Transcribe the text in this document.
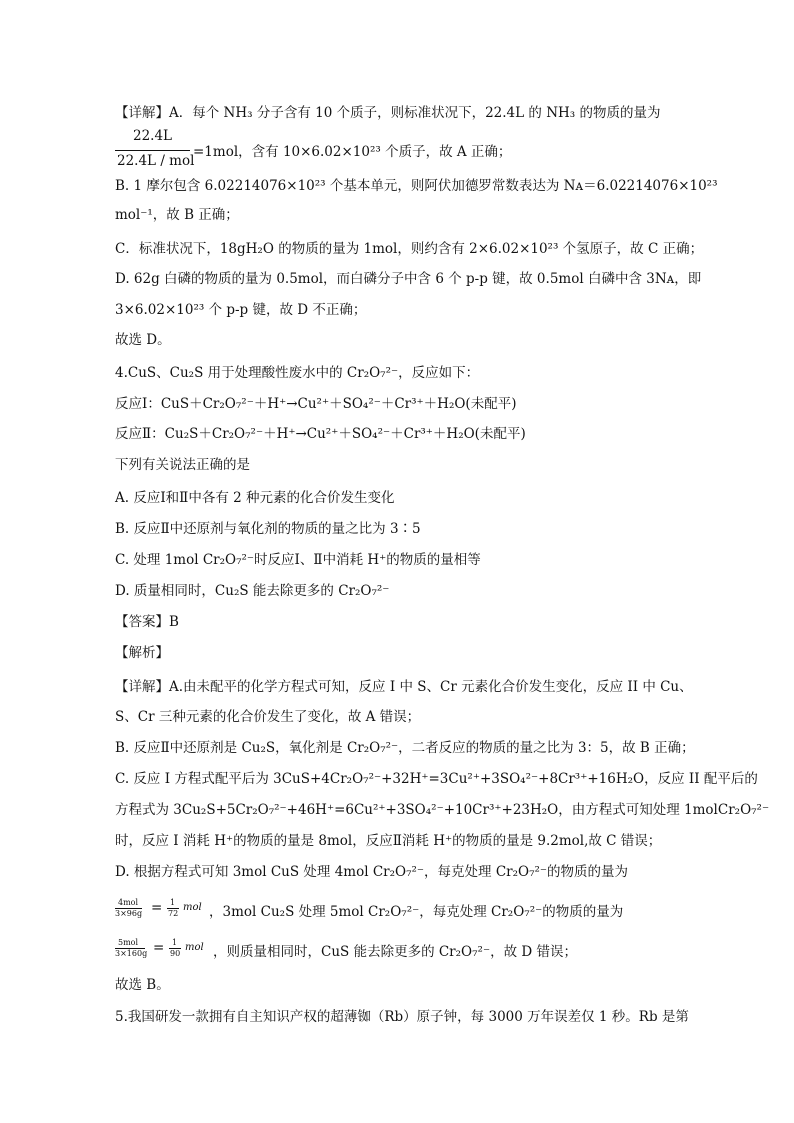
【详解】A．每个 NH₃ 分子含有 10 个质子，则标准状况下，22.4L 的 NH₃ 的物质的量为
22.4L
22.4L / mol
=1mol，含有 10×6.02×10²³ 个质子，故 A 正确；
B. 1 摩尔包含 6.02214076×10²³ 个基本单元，则阿伏加德罗常数表达为 Nᴀ＝6.02214076×10²³
mol⁻¹，故 B 正确；
C．标准状况下，18gH₂O 的物质的量为 1mol，则约含有 2×6.02×10²³ 个氢原子，故 C 正确；
D. 62g 白磷的物质的量为 0.5mol，而白磷分子中含 6 个 p-p 键，故 0.5mol 白磷中含 3Nᴀ，即
3×6.02×10²³ 个 p-p 键，故 D 不正确；
故选 D。
4.CuS、Cu₂S 用于处理酸性废水中的 Cr₂O₇²⁻，反应如下：
反应Ⅰ：CuS＋Cr₂O₇²⁻＋H⁺→Cu²⁺＋SO₄²⁻＋Cr³⁺＋H₂O(未配平)
反应Ⅱ：Cu₂S＋Cr₂O₇²⁻＋H⁺→Cu²⁺＋SO₄²⁻＋Cr³⁺＋H₂O(未配平)
下列有关说法正确的是
A. 反应Ⅰ和Ⅱ中各有 2 种元素的化合价发生变化
B. 反应Ⅱ中还原剂与氧化剂的物质的量之比为 3∶5
C. 处理 1mol Cr₂O₇²⁻时反应Ⅰ、Ⅱ中消耗 H⁺的物质的量相等
D. 质量相同时，Cu₂S 能去除更多的 Cr₂O₇²⁻
【答案】B
【解析】
【详解】A.由未配平的化学方程式可知，反应 I 中 S、Cr 元素化合价发生变化，反应 II 中 Cu、
S、Cr 三种元素的化合价发生了变化，故 A 错误；
B. 反应Ⅱ中还原剂是 Cu₂S，氧化剂是 Cr₂O₇²⁻，二者反应的物质的量之比为 3：5，故 B 正确；
C. 反应 I 方程式配平后为 3CuS+4Cr₂O₇²⁻+32H⁺=3Cu²⁺+3SO₄²⁻+8Cr³⁺+16H₂O，反应 II 配平后的
方程式为 3Cu₂S+5Cr₂O₇²⁻+46H⁺=6Cu²⁺+3SO₄²⁻+10Cr³⁺+23H₂O，由方程式可知处理 1molCr₂O₇²⁻
时，反应 I 消耗 H⁺的物质的量是 8mol，反应Ⅱ消耗 H⁺的物质的量是 9.2mol,故 C 错误；
D. 根据方程式可知 3mol CuS 处理 4mol Cr₂O₇²⁻，每克处理 Cr₂O₇²⁻的物质的量为
4mol
3×96g = 1
72
mol ，3mol Cu₂S 处理 5mol Cr₂O₇²⁻，每克处理 Cr₂O₇²⁻的物质的量为
5mol
3×160g = 1
90
mol ，则质量相同时，CuS 能去除更多的 Cr₂O₇²⁻，故 D 错误；
故选 B。
5.我国研发一款拥有自主知识产权的超薄铷（Rb）原子钟，每 3000 万年误差仅 1 秒。Rb 是第
